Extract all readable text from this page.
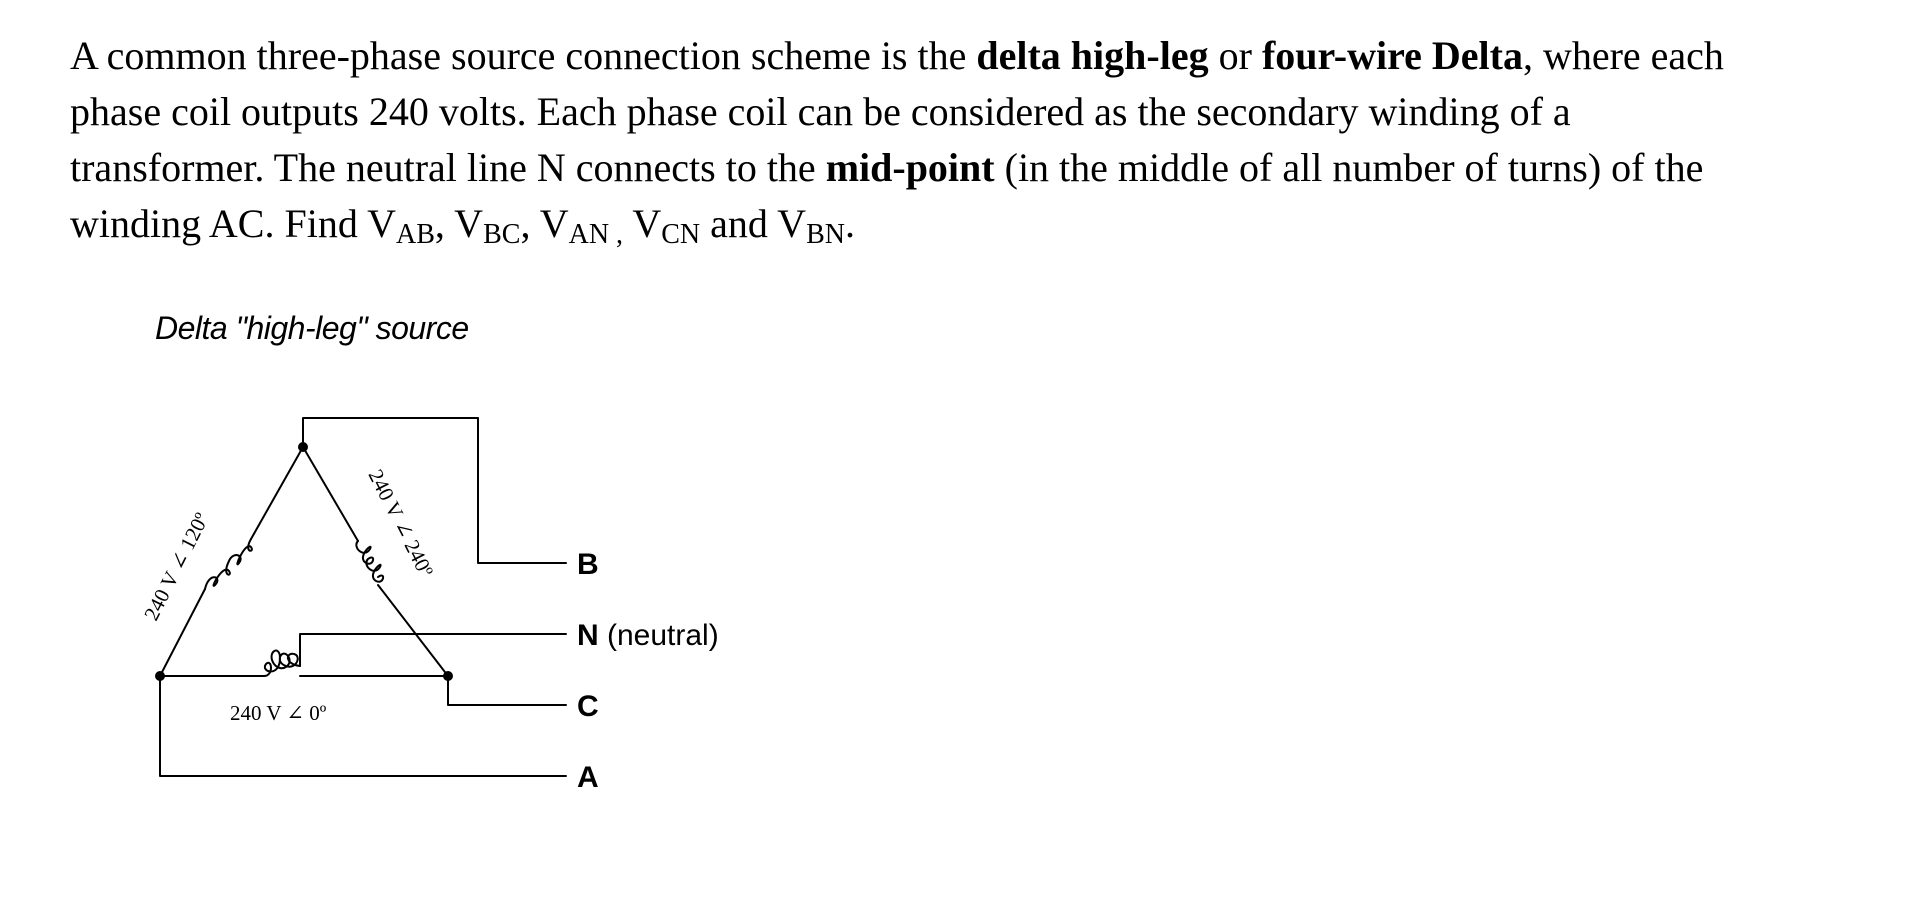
A common three-phase source connection scheme is the delta high-leg or four-wire Delta, where each
phase coil outputs 240 volts. Each phase coil can be considered as the secondary winding of a
transformer. The neutral line N connects to the mid-point (in the middle of all number of turns) of the
winding AC. Find $V_{AB}$, $V_{BC}$, $V_{AN ,}$ $V_{CN}$ and $V_{BN}$.

Delta "high-leg" source
240 V ∠ 120º	240 V ∠ 240º
240 V ∠ 0º
B
N (neutral)
C
A
